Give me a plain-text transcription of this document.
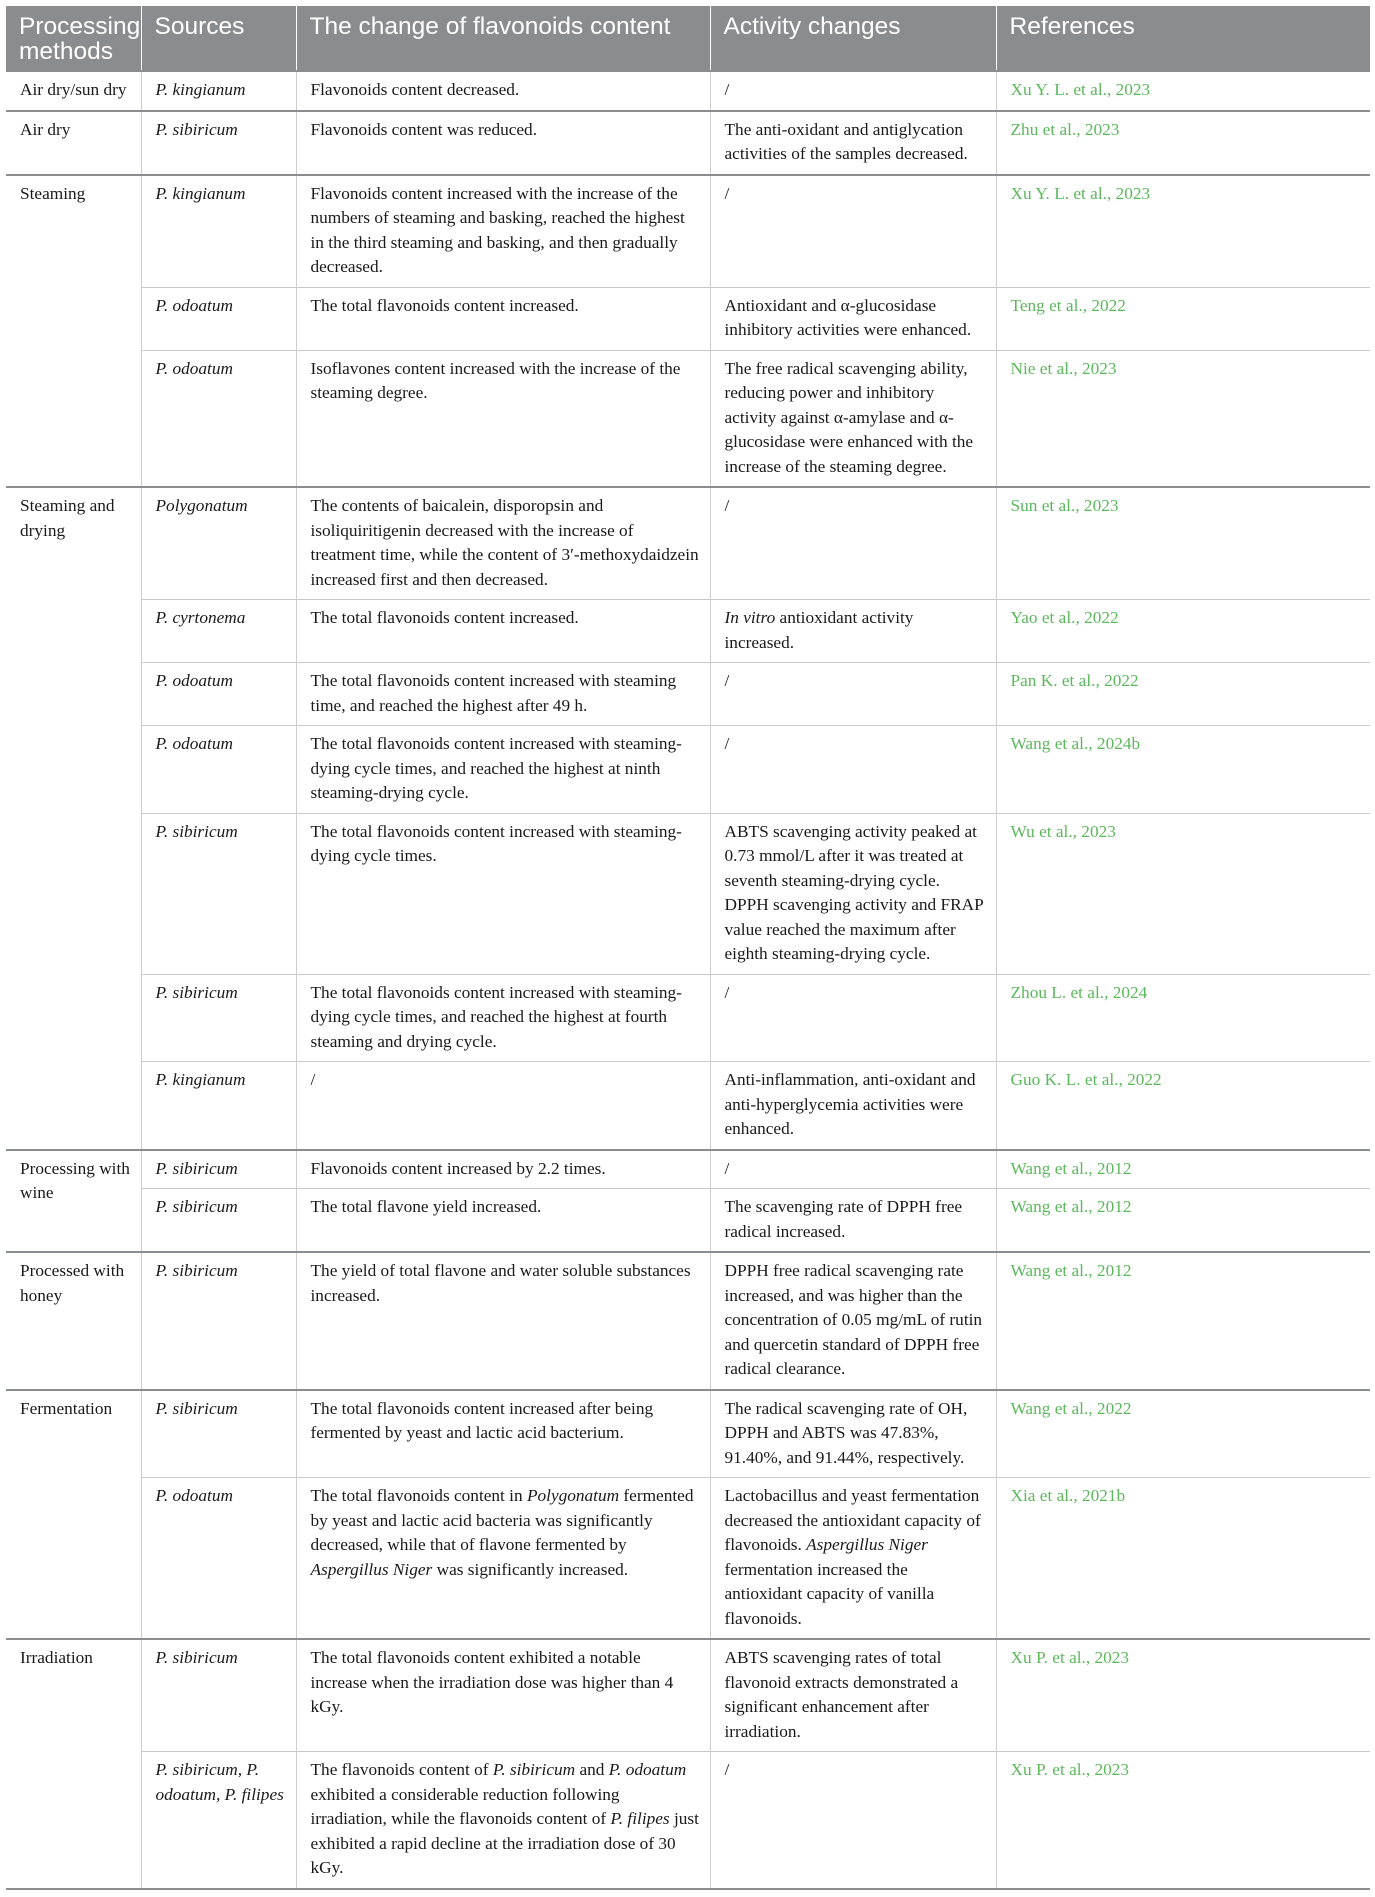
Processing methods	Sources	The change of flavonoids content	Activity changes	References
Air dry/sun dry	P. kingianum	Flavonoids content decreased.	/	Xu Y. L. et al., 2023
Air dry	P. sibiricum	Flavonoids content was reduced.	The anti-oxidant and antiglycation activities of the samples decreased.	Zhu et al., 2023
Steaming	P. kingianum	Flavonoids content increased with the increase of the numbers of steaming and basking, reached the highest in the third steaming and basking, and then gradually decreased.	/	Xu Y. L. et al., 2023
	P. odoatum	The total flavonoids content increased.	Antioxidant and α-glucosidase inhibitory activities were enhanced.	Teng et al., 2022
	P. odoatum	Isoflavones content increased with the increase of the steaming degree.	The free radical scavenging ability, reducing power and inhibitory activity against α-amylase and α-glucosidase were enhanced with the increase of the steaming degree.	Nie et al., 2023
Steaming and drying	Polygonatum	The contents of baicalein, disporopsin and isoliquiritigenin decreased with the increase of treatment time, while the content of 3′-methoxydaidzein increased first and then decreased.	/	Sun et al., 2023
	P. cyrtonema	The total flavonoids content increased.	In vitro antioxidant activity increased.	Yao et al., 2022
	P. odoatum	The total flavonoids content increased with steaming time, and reached the highest after 49 h.	/	Pan K. et al., 2022
	P. odoatum	The total flavonoids content increased with steaming-dying cycle times, and reached the highest at ninth steaming-drying cycle.	/	Wang et al., 2024b
	P. sibiricum	The total flavonoids content increased with steaming-dying cycle times.	ABTS scavenging activity peaked at 0.73 mmol/L after it was treated at seventh steaming-drying cycle. DPPH scavenging activity and FRAP value reached the maximum after eighth steaming-drying cycle.	Wu et al., 2023
	P. sibiricum	The total flavonoids content increased with steaming-dying cycle times, and reached the highest at fourth steaming and drying cycle.	/	Zhou L. et al., 2024
	P. kingianum	/	Anti-inflammation, anti-oxidant and anti-hyperglycemia activities were enhanced.	Guo K. L. et al., 2022
Processing with wine	P. sibiricum	Flavonoids content increased by 2.2 times.	/	Wang et al., 2012
	P. sibiricum	The total flavone yield increased.	The scavenging rate of DPPH free radical increased.	Wang et al., 2012
Processed with honey	P. sibiricum	The yield of total flavone and water soluble substances increased.	DPPH free radical scavenging rate increased, and was higher than the concentration of 0.05 mg/mL of rutin and quercetin standard of DPPH free radical clearance.	Wang et al., 2012
Fermentation	P. sibiricum	The total flavonoids content increased after being fermented by yeast and lactic acid bacterium.	The radical scavenging rate of OH, DPPH and ABTS was 47.83%, 91.40%, and 91.44%, respectively.	Wang et al., 2022
	P. odoatum	The total flavonoids content in Polygonatum fermented by yeast and lactic acid bacteria was significantly decreased, while that of flavone fermented by Aspergillus Niger was significantly increased.	Lactobacillus and yeast fermentation decreased the antioxidant capacity of flavonoids. Aspergillus Niger fermentation increased the antioxidant capacity of vanilla flavonoids.	Xia et al., 2021b
Irradiation	P. sibiricum	The total flavonoids content exhibited a notable increase when the irradiation dose was higher than 4 kGy.	ABTS scavenging rates of total flavonoid extracts demonstrated a significant enhancement after irradiation.	Xu P. et al., 2023
	P. sibiricum, P. odoatum, P. filipes	The flavonoids content of P. sibiricum and P. odoatum exhibited a considerable reduction following irradiation, while the flavonoids content of P. filipes just exhibited a rapid decline at the irradiation dose of 30 kGy.	/	Xu P. et al., 2023
